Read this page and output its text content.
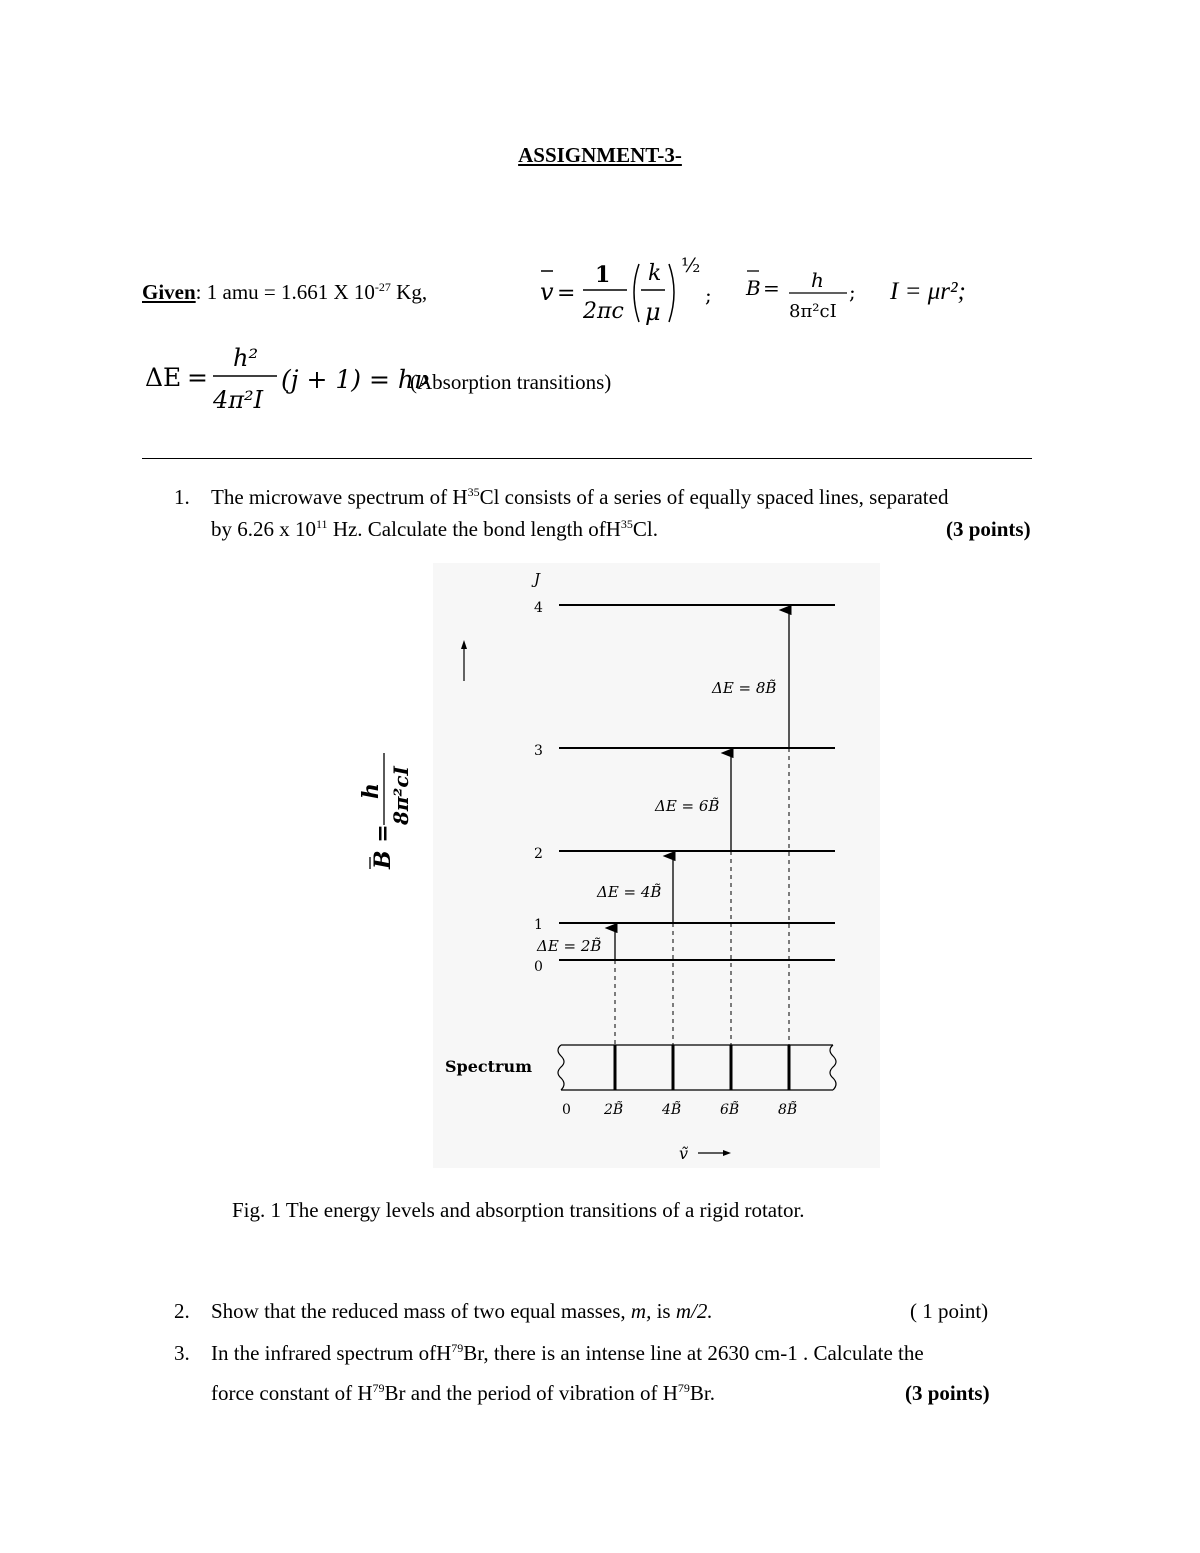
ASSIGNMENT-3-
Given: 1 amu = 1.661 X $10^{-27}$ Kg,	v =
1
2πc
k
μ
½
; B = h
8π²cI
; I = μr²;
ΔE =
h²
4π²I
(j + 1) = hν
(Absorption transitions)
1. The microwave spectrum of $H^{35}Cl$ consists of a series of equally spaced lines, separated
by 6.26 x $10^{11}$ Hz. Calculate the bond length ofH$^{35}$Cl.	(3 points)
B =
h 8π²cI
J
4
3
2
1
0
ΔE = 2B̃
ΔE = 4B̃
ΔE = 6B̃
ΔE = 8B̃
Spectrum
0 2B̃	4B̃	6B̃	8B̃
ṽ
Fig. 1 The energy levels and absorption transitions of a rigid rotator.
2. Show that the reduced mass of two equal masses, m, is m/2.	( 1 point)
3. In the infrared spectrum ofH$^{79}$Br, there is an intense line at 2630 cm-1 . Calculate the
force constant of $H^{79}Br$ and the period of vibration of $H^{79}Br$.	(3 points)
